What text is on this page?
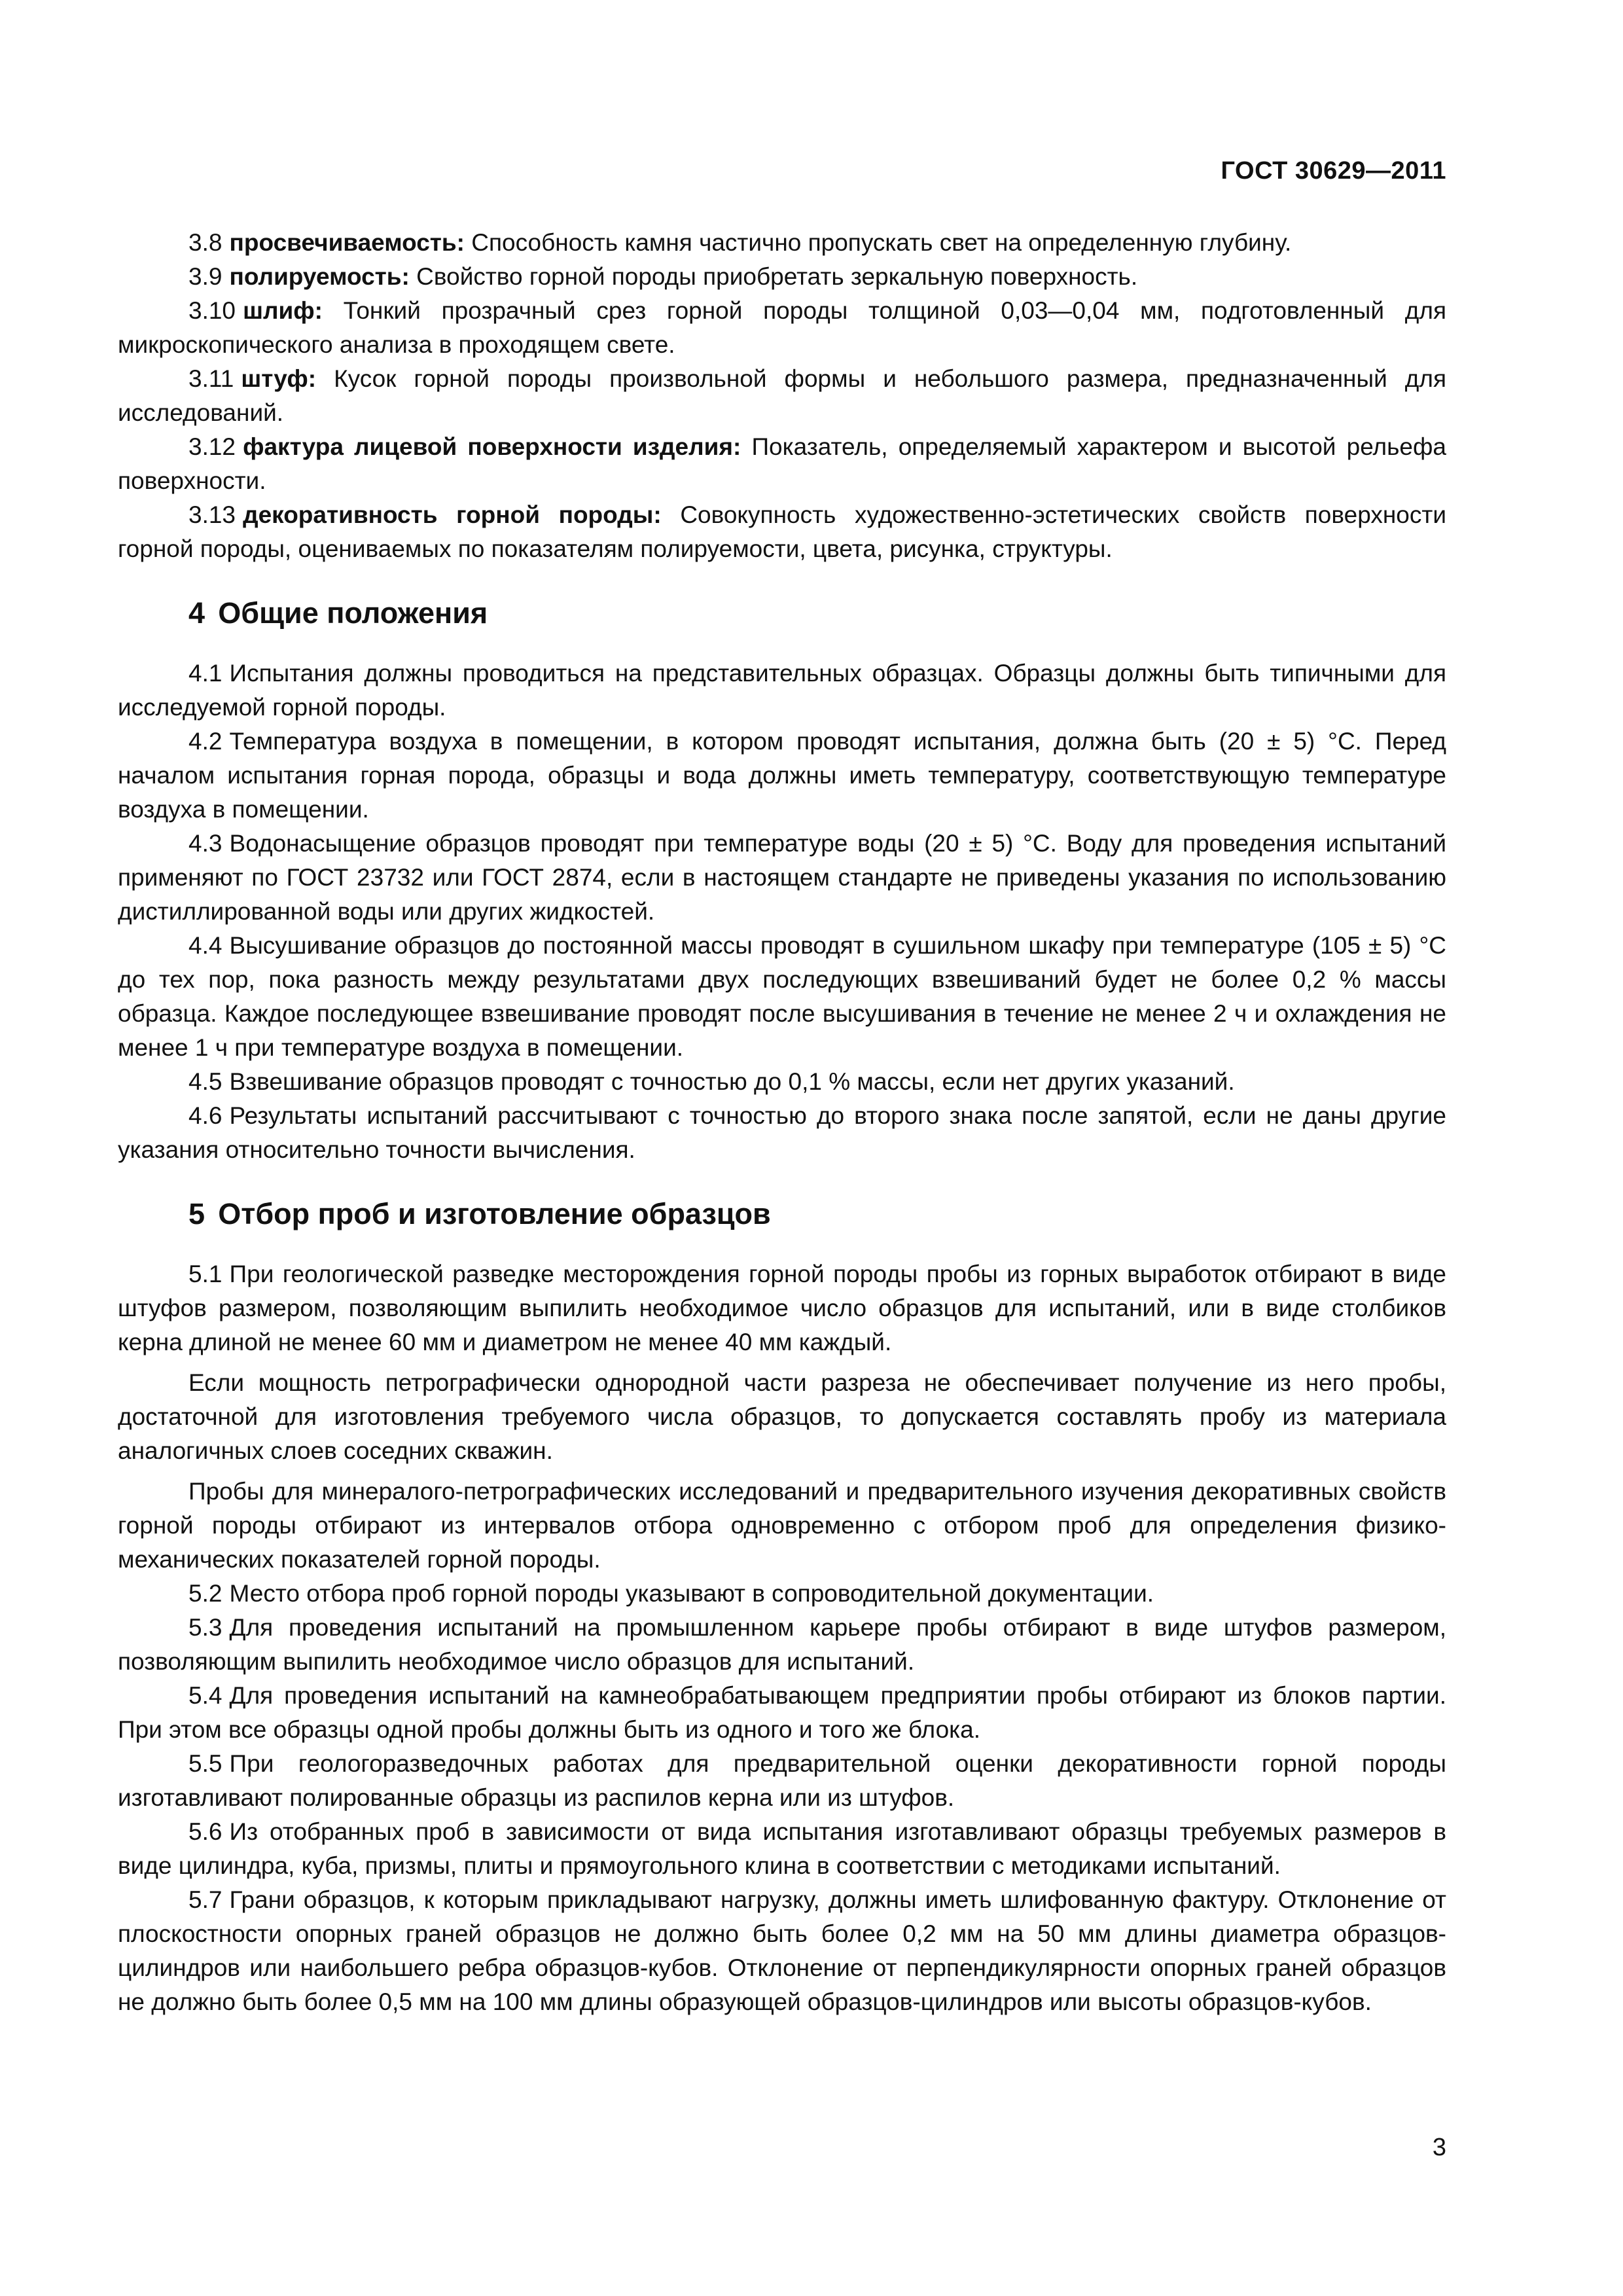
ГОСТ 30629—2011

3.8 просвечиваемость: Способность камня частично пропускать свет на определенную глубину.

3.9 полируемость: Свойство горной породы приобретать зеркальную поверхность.

3.10 шлиф: Тонкий прозрачный срез горной породы толщиной 0,03—0,04 мм, подготовленный для микроскопического анализа в проходящем свете.

3.11 штуф: Кусок горной породы произвольной формы и небольшого размера, предназначенный для исследований.

3.12 фактура лицевой поверхности изделия: Показатель, определяемый характером и высотой рельефа поверхности.

3.13 декоративность горной породы: Совокупность художественно-эстетических свойств поверхности горной породы, оцениваемых по показателям полируемости, цвета, рисунка, структуры.

4 Общие положения

4.1 Испытания должны проводиться на представительных образцах. Образцы должны быть типичными для исследуемой горной породы.

4.2 Температура воздуха в помещении, в котором проводят испытания, должна быть (20 ± 5) °С. Перед началом испытания горная порода, образцы и вода должны иметь температуру, соответствующую температуре воздуха в помещении.

4.3 Водонасыщение образцов проводят при температуре воды (20 ± 5) °С. Воду для проведения испытаний применяют по ГОСТ 23732 или ГОСТ 2874, если в настоящем стандарте не приведены указания по использованию дистиллированной воды или других жидкостей.

4.4 Высушивание образцов до постоянной массы проводят в сушильном шкафу при температуре (105 ± 5) °С до тех пор, пока разность между результатами двух последующих взвешиваний будет не более 0,2 % массы образца. Каждое последующее взвешивание проводят после высушивания в течение не менее 2 ч и охлаждения не менее 1 ч при температуре воздуха в помещении.

4.5 Взвешивание образцов проводят с точностью до 0,1 % массы, если нет других указаний.

4.6 Результаты испытаний рассчитывают с точностью до второго знака после запятой, если не даны другие указания относительно точности вычисления.

5 Отбор проб и изготовление образцов

5.1 При геологической разведке месторождения горной породы пробы из горных выработок отбирают в виде штуфов размером, позволяющим выпилить необходимое число образцов для испытаний, или в виде столбиков керна длиной не менее 60 мм и диаметром не менее 40 мм каждый.

Если мощность петрографически однородной части разреза не обеспечивает получение из него пробы, достаточной для изготовления требуемого числа образцов, то допускается составлять пробу из материала аналогичных слоев соседних скважин.

Пробы для минералого-петрографических исследований и предварительного изучения декоративных свойств горной породы отбирают из интервалов отбора одновременно с отбором проб для определения физико-механических показателей горной породы.

5.2 Место отбора проб горной породы указывают в сопроводительной документации.

5.3 Для проведения испытаний на промышленном карьере пробы отбирают в виде штуфов размером, позволяющим выпилить необходимое число образцов для испытаний.

5.4 Для проведения испытаний на камнеобрабатывающем предприятии пробы отбирают из блоков партии. При этом все образцы одной пробы должны быть из одного и того же блока.

5.5 При геологоразведочных работах для предварительной оценки декоративности горной породы изготавливают полированные образцы из распилов керна или из штуфов.

5.6 Из отобранных проб в зависимости от вида испытания изготавливают образцы требуемых размеров в виде цилиндра, куба, призмы, плиты и прямоугольного клина в соответствии с методиками испытаний.

5.7 Грани образцов, к которым прикладывают нагрузку, должны иметь шлифованную фактуру. Отклонение от плоскостности опорных граней образцов не должно быть более 0,2 мм на 50 мм длины диаметра образцов-цилиндров или наибольшего ребра образцов-кубов. Отклонение от перпендикулярности опорных граней образцов не должно быть более 0,5 мм на 100 мм длины образующей образцов-цилиндров или высоты образцов-кубов.

3
